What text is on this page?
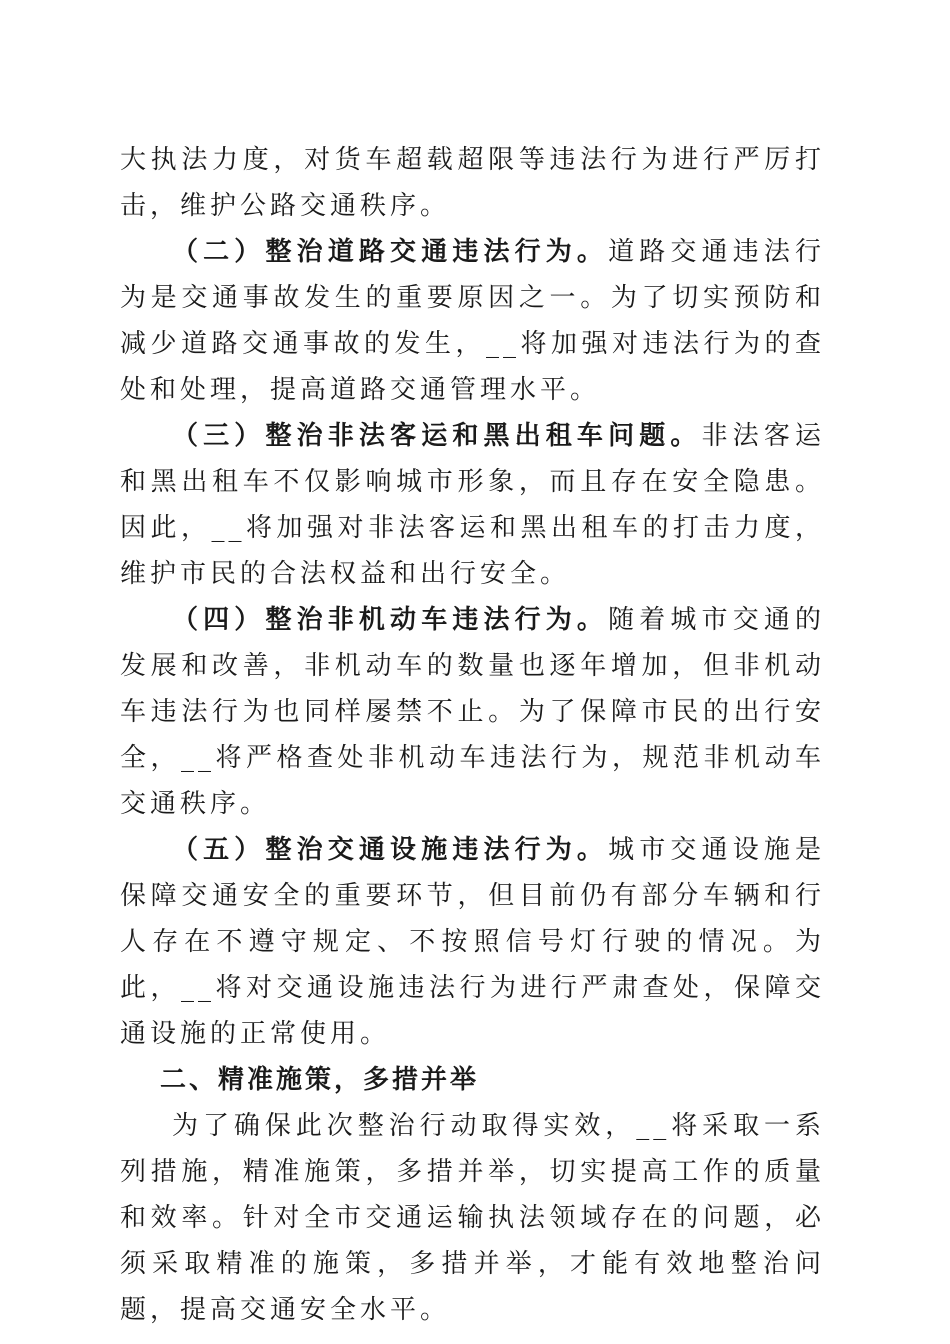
大执法力度，对货车超载超限等违法行为进行严厉打击，维护公路交通秩序。

（二）整治道路交通违法行为。道路交通违法行为是交通事故发生的重要原因之一。为了切实预防和减少道路交通事故的发生，__将加强对违法行为的查处和处理，提高道路交通管理水平。

（三）整治非法客运和黑出租车问题。非法客运和黑出租车不仅影响城市形象，而且存在安全隐患。因此，__将加强对非法客运和黑出租车的打击力度，维护市民的合法权益和出行安全。

（四）整治非机动车违法行为。随着城市交通的发展和改善，非机动车的数量也逐年增加，但非机动车违法行为也同样屡禁不止。为了保障市民的出行安全，__将严格查处非机动车违法行为，规范非机动车交通秩序。

（五）整治交通设施违法行为。城市交通设施是保障交通安全的重要环节，但目前仍有部分车辆和行人存在不遵守规定、不按照信号灯行驶的情况。为此，__将对交通设施违法行为进行严肃查处，保障交通设施的正常使用。

二、精准施策，多措并举

为了确保此次整治行动取得实效，__将采取一系列措施，精准施策，多措并举，切实提高工作的质量和效率。针对全市交通运输执法领域存在的问题，必须采取精准的施策，多措并举，才能有效地整治问题，提高交通安全水平。
